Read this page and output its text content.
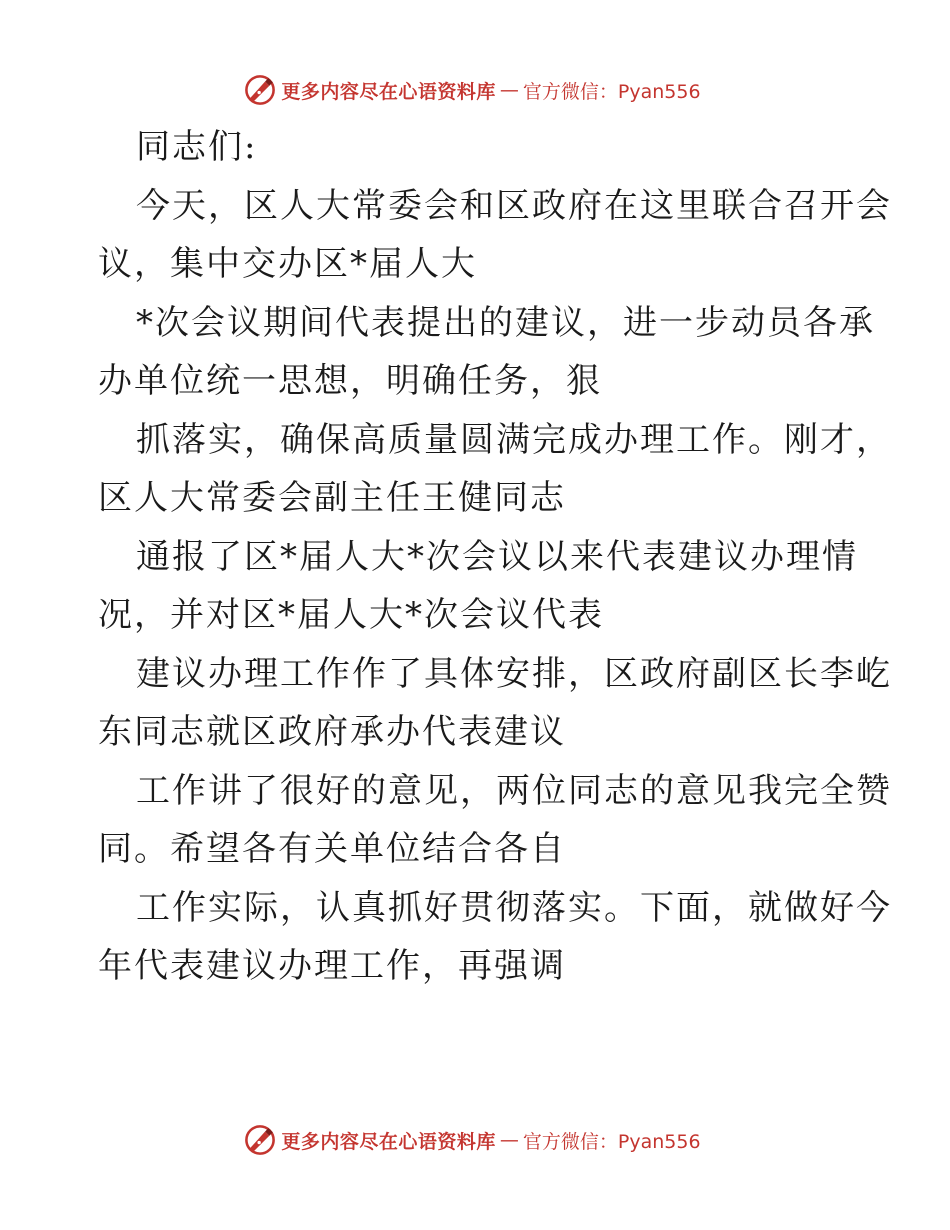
更多内容尽在心语资料库 — 官方微信：Pyan556
同志们:
今天，区人大常委会和区政府在这里联合召开会
议，集中交办区*届人大
*次会议期间代表提出的建议，进一步动员各承
办单位统一思想，明确任务，狠
抓落实，确保高质量圆满完成办理工作。刚才，
区人大常委会副主任王健同志
通报了区*届人大*次会议以来代表建议办理情
况，并对区*届人大*次会议代表
建议办理工作作了具体安排，区政府副区长李屹
东同志就区政府承办代表建议
工作讲了很好的意见，两位同志的意见我完全赞
同。希望各有关单位结合各自
工作实际，认真抓好贯彻落实。下面，就做好今
年代表建议办理工作，再强调
更多内容尽在心语资料库 — 官方微信：Pyan556
